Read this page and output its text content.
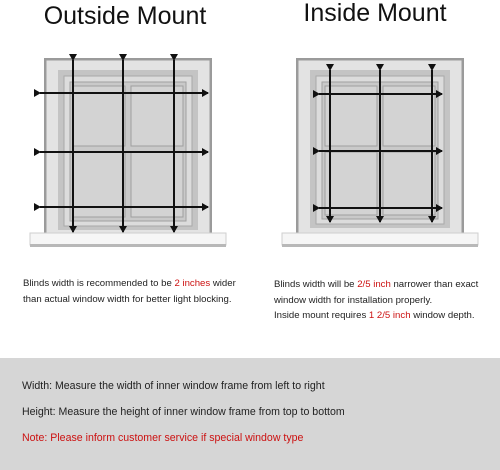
Outside Mount
Blinds width is recommended to be 2 inches wider
than actual window width for better light blocking.
Inside Mount
Blinds width will be 2/5 inch narrower than exact
window width for installation properly.
Inside mount requires 1 2/5 inch window depth.
Width: Measure the width of inner window frame from left to right
Height: Measure the height of inner window frame from top to bottom
Note: Please inform customer service if special window type
